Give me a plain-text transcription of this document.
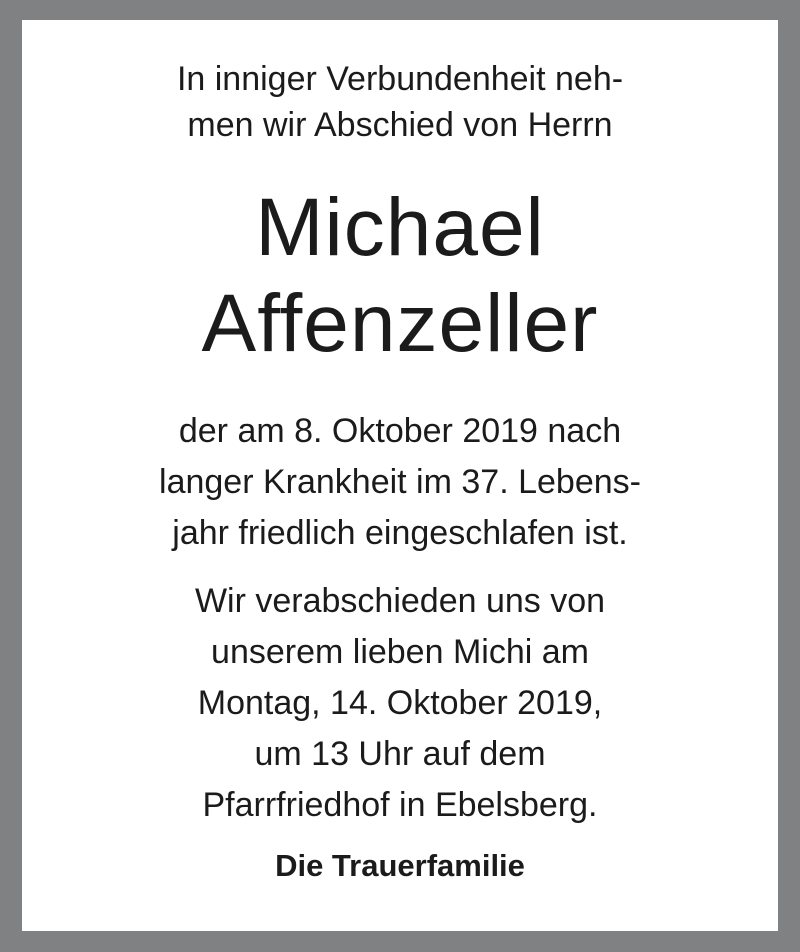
In inniger Verbundenheit neh-
men wir Abschied von Herrn
Michael
Affenzeller
der am 8. Oktober 2019 nach
langer Krankheit im 37. Lebens-
jahr friedlich eingeschlafen ist.
Wir verabschieden uns von
unserem lieben Michi am
Montag, 14. Oktober 2019,
um 13 Uhr auf dem
Pfarrfriedhof in Ebelsberg.
Die Trauerfamilie
